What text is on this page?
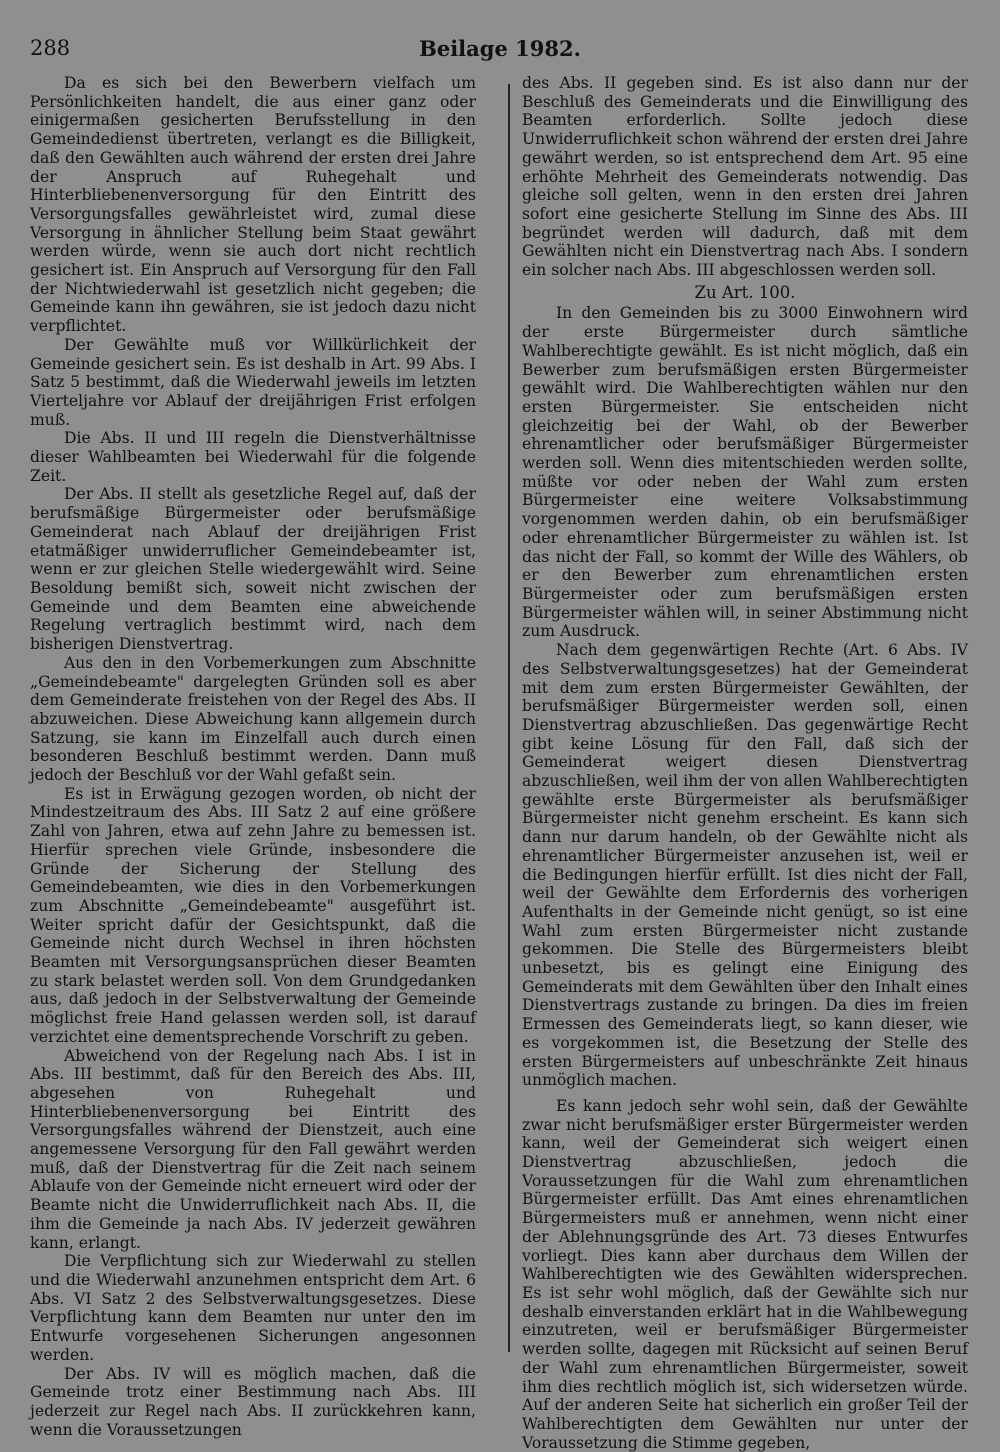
288	Beilage 1982.

Da es sich bei den Bewerbern vielfach um Persönlichkeiten handelt, die aus einer ganz oder einigermaßen gesicherten Berufsstellung in den Gemeindedienst übertreten, verlangt es die Billigkeit, daß den Gewählten auch während der ersten drei Jahre der Anspruch auf Ruhegehalt und Hinterbliebenenversorgung für den Eintritt des Versorgungsfalles gewährleistet wird, zumal diese Versorgung in ähnlicher Stellung beim Staat gewährt werden würde, wenn sie auch dort nicht rechtlich gesichert ist. Ein Anspruch auf Versorgung für den Fall der Nichtwiederwahl ist gesetzlich nicht gegeben; die Gemeinde kann ihn gewähren, sie ist jedoch dazu nicht verpflichtet.

Der Gewählte muß vor Willkürlichkeit der Gemeinde gesichert sein. Es ist deshalb in Art. 99 Abs. I Satz 5 bestimmt, daß die Wiederwahl jeweils im letzten Vierteljahre vor Ablauf der dreijährigen Frist erfolgen muß.

Die Abs. II und III regeln die Dienstverhältnisse dieser Wahlbeamten bei Wiederwahl für die folgende Zeit.

Der Abs. II stellt als gesetzliche Regel auf, daß der berufsmäßige Bürgermeister oder berufsmäßige Gemeinderat nach Ablauf der dreijährigen Frist etatmäßiger unwiderruflicher Gemeindebeamter ist, wenn er zur gleichen Stelle wiedergewählt wird. Seine Besoldung bemißt sich, soweit nicht zwischen der Gemeinde und dem Beamten eine abweichende Regelung vertraglich bestimmt wird, nach dem bisherigen Dienstvertrag.

Aus den in den Vorbemerkungen zum Abschnitte „Gemeindebeamte" dargelegten Gründen soll es aber dem Gemeinderate freistehen von der Regel des Abs. II abzuweichen. Diese Abweichung kann allgemein durch Satzung, sie kann im Einzelfall auch durch einen besonderen Beschluß bestimmt werden. Dann muß jedoch der Beschluß vor der Wahl gefaßt sein.

Es ist in Erwägung gezogen worden, ob nicht der Mindestzeitraum des Abs. III Satz 2 auf eine größere Zahl von Jahren, etwa auf zehn Jahre zu bemessen ist. Hierfür sprechen viele Gründe, insbesondere die Gründe der Sicherung der Stellung des Gemeindebeamten, wie dies in den Vorbemerkungen zum Abschnitte „Gemeindebeamte" ausgeführt ist. Weiter spricht dafür der Gesichtspunkt, daß die Gemeinde nicht durch Wechsel in ihren höchsten Beamten mit Versorgungsansprüchen dieser Beamten zu stark belastet werden soll. Von dem Grundgedanken aus, daß jedoch in der Selbstverwaltung der Gemeinde möglichst freie Hand gelassen werden soll, ist darauf verzichtet eine dementsprechende Vorschrift zu geben.

Abweichend von der Regelung nach Abs. I ist in Abs. III bestimmt, daß für den Bereich des Abs. III, abgesehen von Ruhegehalt und Hinterbliebenenversorgung bei Eintritt des Versorgungsfalles während der Dienstzeit, auch eine angemessene Versorgung für den Fall gewährt werden muß, daß der Dienstvertrag für die Zeit nach seinem Ablaufe von der Gemeinde nicht erneuert wird oder der Beamte nicht die Unwiderruflichkeit nach Abs. II, die ihm die Gemeinde ja nach Abs. IV jederzeit gewähren kann, erlangt.

Die Verpflichtung sich zur Wiederwahl zu stellen und die Wiederwahl anzunehmen entspricht dem Art. 6 Abs. VI Satz 2 des Selbstverwaltungsgesetzes. Diese Verpflichtung kann dem Beamten nur unter den im Entwurfe vorgesehenen Sicherungen angesonnen werden.

Der Abs. IV will es möglich machen, daß die Gemeinde trotz einer Bestimmung nach Abs. III jederzeit zur Regel nach Abs. II zurückkehren kann, wenn die Voraussetzungen

des Abs. II gegeben sind. Es ist also dann nur der Beschluß des Gemeinderats und die Einwilligung des Beamten erforderlich. Sollte jedoch diese Unwiderruflichkeit schon während der ersten drei Jahre gewährt werden, so ist entsprechend dem Art. 95 eine erhöhte Mehrheit des Gemeinderats notwendig. Das gleiche soll gelten, wenn in den ersten drei Jahren sofort eine gesicherte Stellung im Sinne des Abs. III begründet werden will dadurch, daß mit dem Gewählten nicht ein Dienstvertrag nach Abs. I sondern ein solcher nach Abs. III abgeschlossen werden soll.

Zu Art. 100.

In den Gemeinden bis zu 3000 Einwohnern wird der erste Bürgermeister durch sämtliche Wahlberechtigte gewählt. Es ist nicht möglich, daß ein Bewerber zum berufsmäßigen ersten Bürgermeister gewählt wird. Die Wahlberechtigten wählen nur den ersten Bürgermeister. Sie entscheiden nicht gleichzeitig bei der Wahl, ob der Bewerber ehrenamtlicher oder berufsmäßiger Bürgermeister werden soll. Wenn dies mitentschieden werden sollte, müßte vor oder neben der Wahl zum ersten Bürgermeister eine weitere Volksabstimmung vorgenommen werden dahin, ob ein berufsmäßiger oder ehrenamtlicher Bürgermeister zu wählen ist. Ist das nicht der Fall, so kommt der Wille des Wählers, ob er den Bewerber zum ehrenamtlichen ersten Bürgermeister oder zum berufsmäßigen ersten Bürgermeister wählen will, in seiner Abstimmung nicht zum Ausdruck.

Nach dem gegenwärtigen Rechte (Art. 6 Abs. IV des Selbstverwaltungsgesetzes) hat der Gemeinderat mit dem zum ersten Bürgermeister Gewählten, der berufsmäßiger Bürgermeister werden soll, einen Dienstvertrag abzuschließen. Das gegenwärtige Recht gibt keine Lösung für den Fall, daß sich der Gemeinderat weigert diesen Dienstvertrag abzuschließen, weil ihm der von allen Wahlberechtigten gewählte erste Bürgermeister als berufsmäßiger Bürgermeister nicht genehm erscheint. Es kann sich dann nur darum handeln, ob der Gewählte nicht als ehrenamtlicher Bürgermeister anzusehen ist, weil er die Bedingungen hierfür erfüllt. Ist dies nicht der Fall, weil der Gewählte dem Erfordernis des vorherigen Aufenthalts in der Gemeinde nicht genügt, so ist eine Wahl zum ersten Bürgermeister nicht zustande gekommen. Die Stelle des Bürgermeisters bleibt unbesetzt, bis es gelingt eine Einigung des Gemeinderats mit dem Gewählten über den Inhalt eines Dienstvertrags zustande zu bringen. Da dies im freien Ermessen des Gemeinderats liegt, so kann dieser, wie es vorgekommen ist, die Besetzung der Stelle des ersten Bürgermeisters auf unbeschränkte Zeit hinaus unmöglich machen.

Es kann jedoch sehr wohl sein, daß der Gewählte zwar nicht berufsmäßiger erster Bürgermeister werden kann, weil der Gemeinderat sich weigert einen Dienstvertrag abzuschließen, jedoch die Voraussetzungen für die Wahl zum ehrenamtlichen Bürgermeister erfüllt. Das Amt eines ehrenamtlichen Bürgermeisters muß er annehmen, wenn nicht einer der Ablehnungsgründe des Art. 73 dieses Entwurfes vorliegt. Dies kann aber durchaus dem Willen der Wahlberechtigten wie des Gewählten widersprechen. Es ist sehr wohl möglich, daß der Gewählte sich nur deshalb einverstanden erklärt hat in die Wahlbewegung einzutreten, weil er berufsmäßiger Bürgermeister werden sollte, dagegen mit Rücksicht auf seinen Beruf der Wahl zum ehrenamtlichen Bürgermeister, soweit ihm dies rechtlich möglich ist, sich widersetzen würde. Auf der anderen Seite hat sicherlich ein großer Teil der Wahlberechtigten dem Gewählten nur unter der Voraussetzung die Stimme gegeben,
